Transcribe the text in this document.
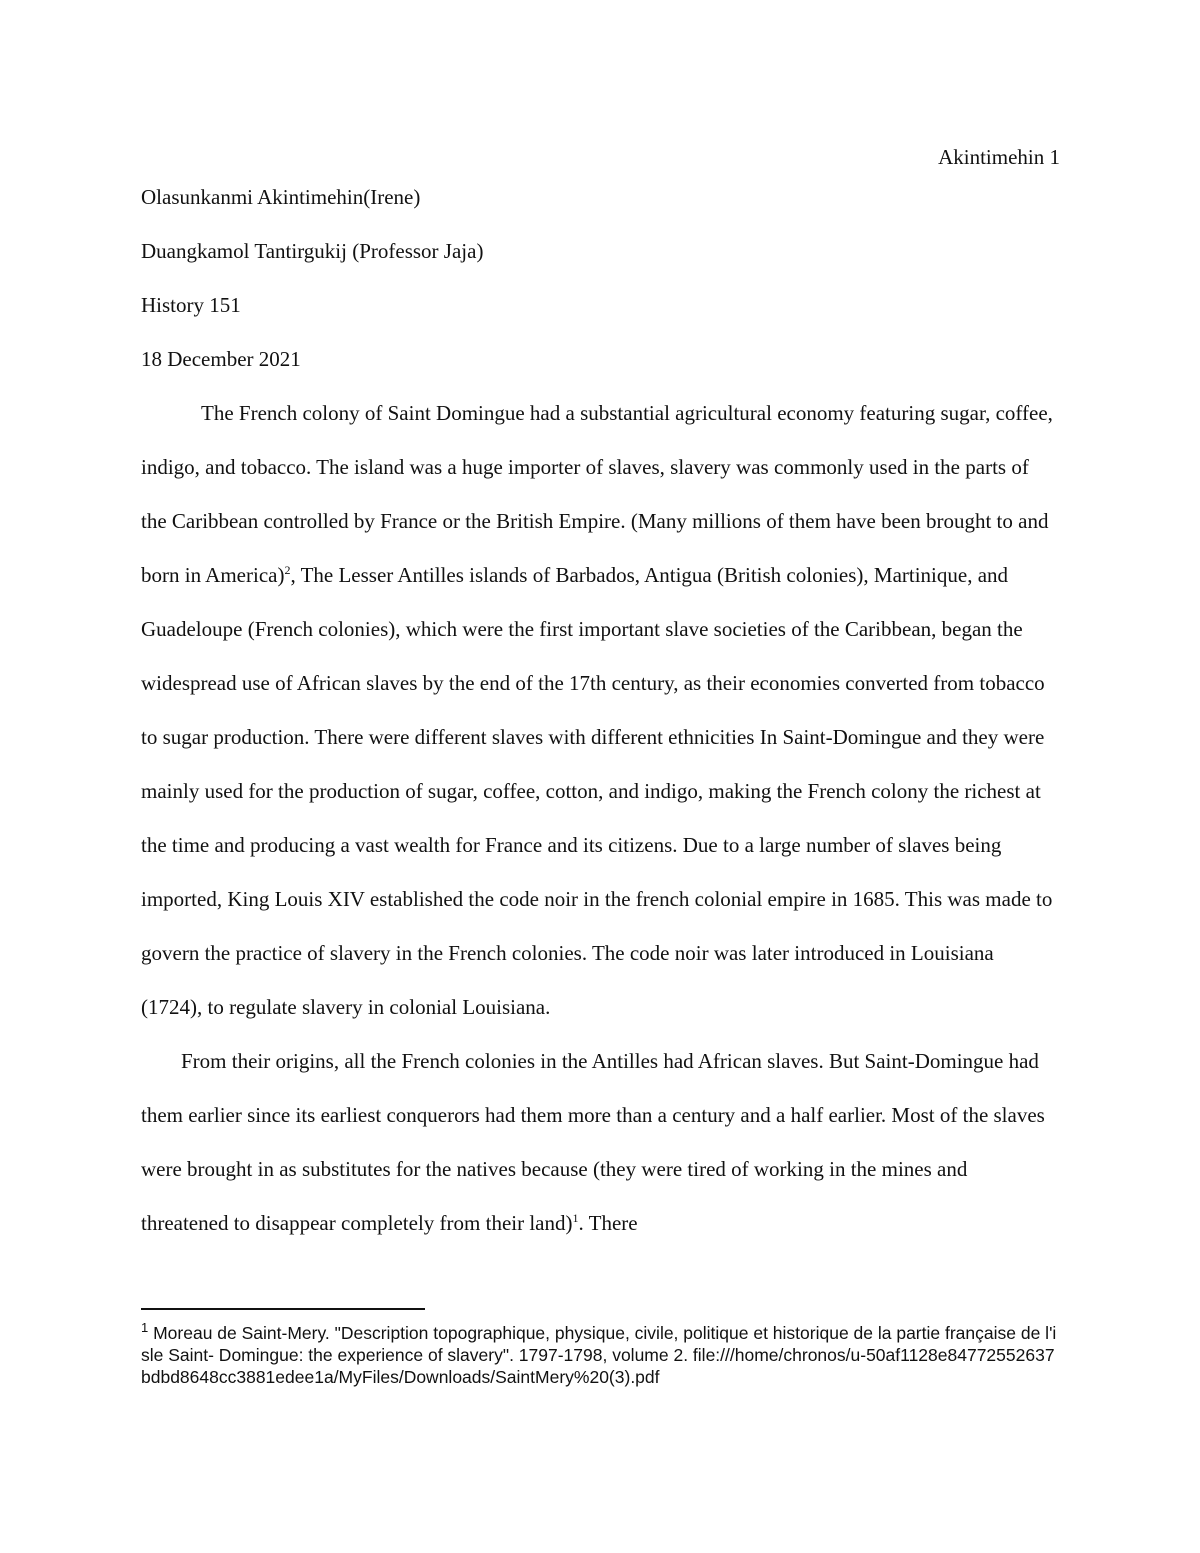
Akintimehin 1

Olasunkanmi Akintimehin(Irene)

Duangkamol Tantirgukij (Professor Jaja)

History 151

18 December 2021

The French colony of Saint Domingue had a substantial agricultural economy featuring sugar, coffee, indigo, and tobacco. The island was a huge importer of slaves, slavery was commonly used in the parts of the Caribbean controlled by France or the British Empire. (Many millions of them have been brought to and born in America)$^2$, The Lesser Antilles islands of Barbados, Antigua (British colonies), Martinique, and Guadeloupe (French colonies), which were the first important slave societies of the Caribbean, began the widespread use of African slaves by the end of the 17th century, as their economies converted from tobacco to sugar production. There were different slaves with different ethnicities In Saint-Domingue and they were mainly used for the production of sugar, coffee, cotton, and indigo, making the French colony the richest at the time and producing a vast wealth for France and its citizens. Due to a large number of slaves being imported, King Louis XIV established the code noir in the french colonial empire in 1685. This was made to govern the practice of slavery in the French colonies. The code noir was later introduced in Louisiana (1724), to regulate slavery in colonial Louisiana.

From their origins, all the French colonies in the Antilles had African slaves. But Saint-Domingue had them earlier since its earliest conquerors had them more than a century and a half earlier. Most of the slaves were brought in as substitutes for the natives because (they were tired of working in the mines and threatened to disappear completely from their land)$^1$. There

$^1$ Moreau de Saint-Mery. "Description topographique, physique, civile, politique et historique de la partie française de l'isle Saint- Domingue: the experience of slavery". 1797-1798, volume 2. file:///home/chronos/u-50af1128e84772552637bdbd8648cc3881edee1a/MyFiles/Downloads/SaintMery%20(3).pdf
